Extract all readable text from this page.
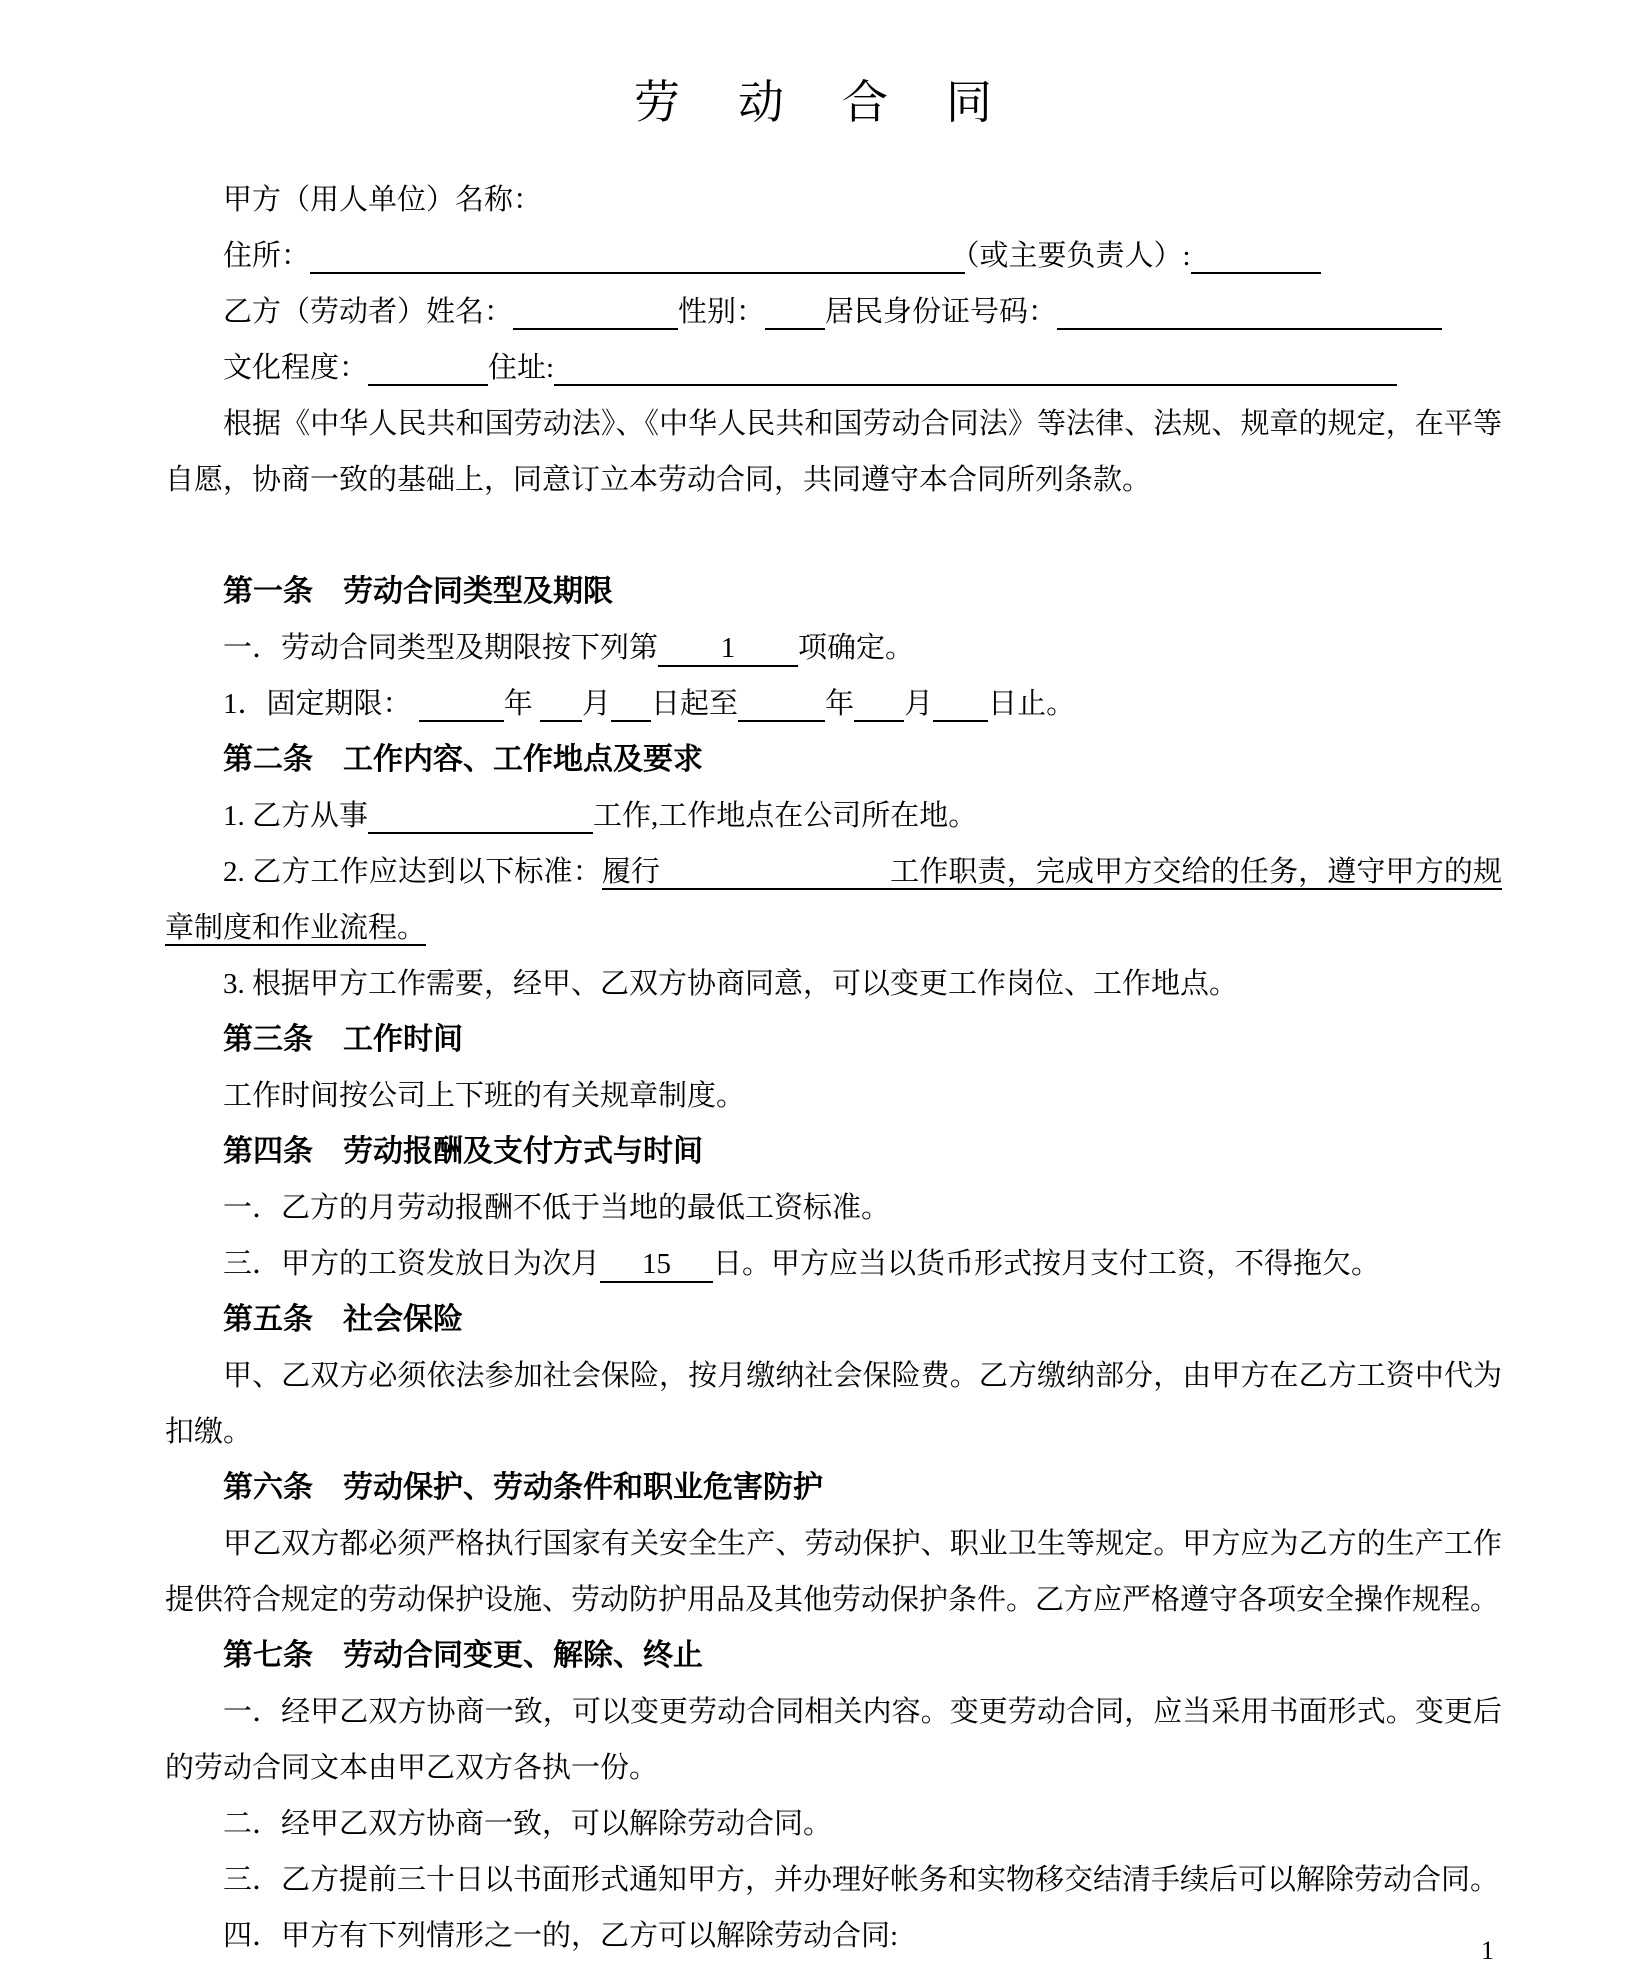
劳　动　合　同
甲方（用人单位）名称：
住所：	（或主要负责人）:
乙方（劳动者）姓名：	性别： 居民身份证号码：
文化程度：	住址:
根据《中华人民共和国劳动法》、《中华人民共和国劳动合同法》等法律、法规、规章的规定，在平等自愿，协商一致的基础上，同意订立本劳动合同，共同遵守本合同所列条款。
第一条　劳动合同类型及期限
一．劳动合同类型及期限按下列第 1 项确定。
1．固定期限：	年 月 日起至	年 月 日止。
第二条　工作内容、工作地点及要求
1. 乙方从事	工作,工作地点在公司所在地。
2. 乙方工作应达到以下标准：履行	工作职责，完成甲方交给的任务，遵守甲方的规章制度和作业流程。
3. 根据甲方工作需要，经甲、乙双方协商同意，可以变更工作岗位、工作地点。
第三条　工作时间
工作时间按公司上下班的有关规章制度。
第四条　劳动报酬及支付方式与时间
一．乙方的月劳动报酬不低于当地的最低工资标准。
三．甲方的工资发放日为次月 15 日。甲方应当以货币形式按月支付工资，不得拖欠。
第五条　社会保险
甲、乙双方必须依法参加社会保险，按月缴纳社会保险费。乙方缴纳部分，由甲方在乙方工资中代为扣缴。
第六条　劳动保护、劳动条件和职业危害防护
甲乙双方都必须严格执行国家有关安全生产、劳动保护、职业卫生等规定。甲方应为乙方的生产工作提供符合规定的劳动保护设施、劳动防护用品及其他劳动保护条件。乙方应严格遵守各项安全操作规程。
第七条　劳动合同变更、解除、终止
一．经甲乙双方协商一致，可以变更劳动合同相关内容。变更劳动合同，应当采用书面形式。变更后的劳动合同文本由甲乙双方各执一份。
二．经甲乙双方协商一致，可以解除劳动合同。
三．乙方提前三十日以书面形式通知甲方，并办理好帐务和实物移交结清手续后可以解除劳动合同。
四．甲方有下列情形之一的，乙方可以解除劳动合同:	1
